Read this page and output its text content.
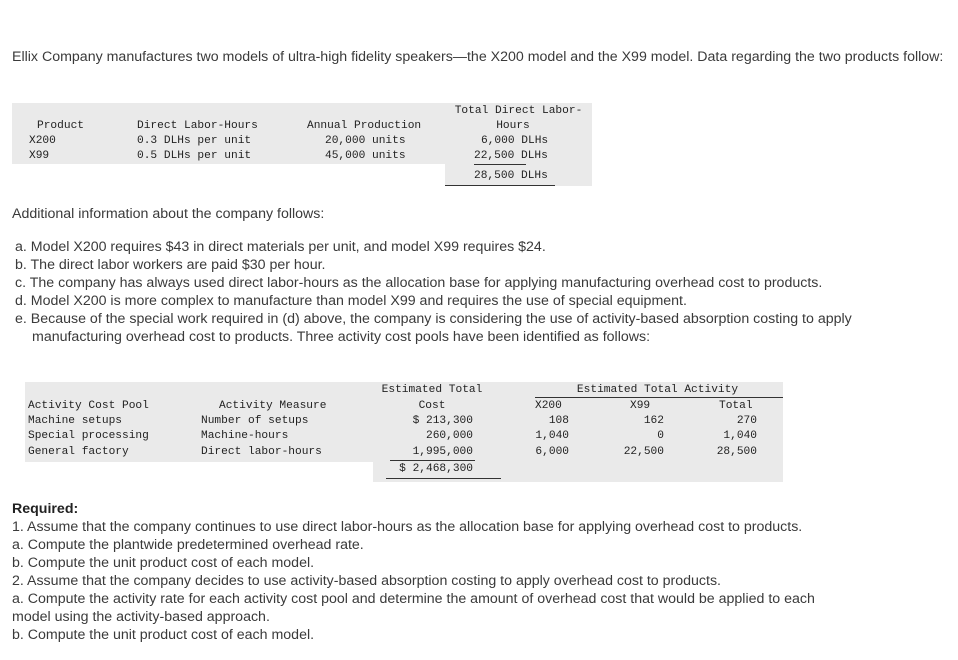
Ellix Company manufactures two models of ultra-high fidelity speakers—the X200 model and the X99 model. Data regarding the two products follow:
Product	Direct Labor-Hours	Annual Production
Total Direct Labor-
Hours
X200	0.3 DLHs per unit	20,000 units	6,000 DLHs
X99	0.5 DLHs per unit	45,000 units	22,500 DLHs
28,500 DLHs
Additional information about the company follows:
a. Model X200 requires $43 in direct materials per unit, and model X99 requires $24.
b. The direct labor workers are paid $30 per hour.
c. The company has always used direct labor-hours as the allocation base for applying manufacturing overhead cost to products.
d. Model X200 is more complex to manufacture than model X99 and requires the use of special equipment.
e. Because of the special work required in (d) above, the company is considering the use of activity-based absorption costing to apply
manufacturing overhead cost to products. Three activity cost pools have been identified as follows:
Estimated Total	Estimated Total Activity
Activity Cost Pool	Activity Measure	Cost	X200	X99	Total
Machine setups	Number of setups	$ 213,300	108	162	270
Special processing	Machine-hours	260,000	1,040	0	1,040
General factory	Direct labor-hours	1,995,000	6,000	22,500	28,500
$ 2,468,300
Required:
1. Assume that the company continues to use direct labor-hours as the allocation base for applying overhead cost to products.
a. Compute the plantwide predetermined overhead rate.
b. Compute the unit product cost of each model.
2. Assume that the company decides to use activity-based absorption costing to apply overhead cost to products.
a. Compute the activity rate for each activity cost pool and determine the amount of overhead cost that would be applied to each
model using the activity-based approach.
b. Compute the unit product cost of each model.
